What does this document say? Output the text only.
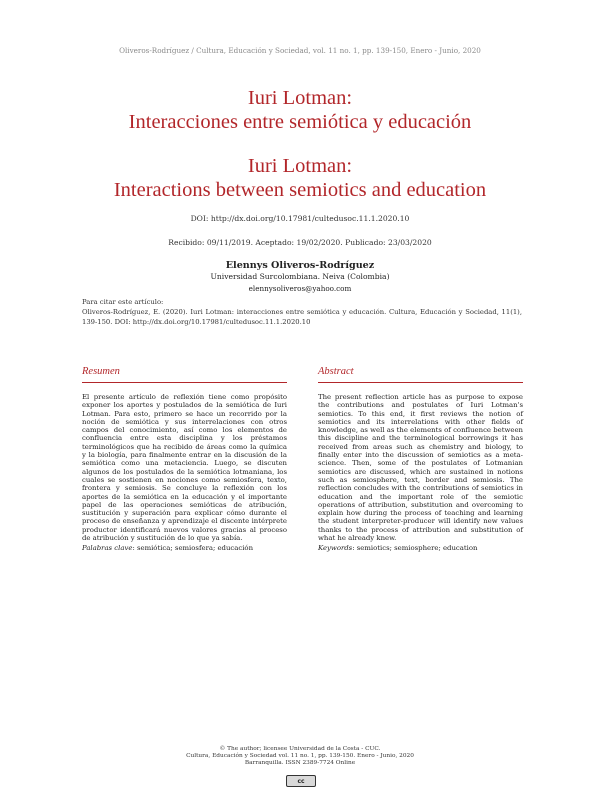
Oliveros-Rodríguez / Cultura, Educación y Sociedad, vol. 11 no. 1, pp. 139-150, Enero - Junio, 2020
Iuri Lotman:
Interacciones entre semiótica y educación
Iuri Lotman:
Interactions between semiotics and education
DOI: http://dx.doi.org/10.17981/cultedusoc.11.1.2020.10
Recibido: 09/11/2019. Aceptado: 19/02/2020. Publicado: 23/03/2020
Elennys Oliveros-Rodríguez
Universidad Surcolombiana. Neiva (Colombia)
elennysoliveros@yahoo.com
Para citar este artículo:
Oliveros-Rodríguez, E. (2020). Iuri Lotman: interacciones entre semiótica y educación. Cultura, Educación y Sociedad, 11(1), 139-150. DOI: http://dx.doi.org/10.17981/cultedusoc.11.1.2020.10
Resumen	Abstract

El presente artículo de reflexión tiene como propósito exponer los aportes y postulados de la semiótica de Iuri Lotman. Para esto, primero se hace un recorrido por la noción de semiótica y sus interrelaciones con otros campos del conocimiento, así como los elementos de confluencia entre esta disciplina y los préstamos terminológicos que ha recibido de áreas como la química y la biología, para finalmente entrar en la discusión de la semiótica como una metaciencia. Luego, se discuten algunos de los postulados de la semiótica lotmaniana, los cuales se sostienen en nociones como semiosfera, texto, frontera y semiosis. Se concluye la reflexión con los aportes de la semiótica en la educación y el importante papel de las operaciones semióticas de atribución, sustitución y superación para explicar cómo durante el proceso de enseñanza y aprendizaje el discente intérprete productor identificará nuevos valores gracias al proceso de atribución y sustitución de lo que ya sabía.

Palabras clave: semiótica; semiosfera; educación

The present reflection article has as purpose to expose the contributions and postulates of Iuri Lotman's semiotics. To this end, it first reviews the notion of semiotics and its interrelations with other fields of knowledge, as well as the elements of confluence between this discipline and the terminological borrowings it has received from areas such as chemistry and biology, to finally enter into the discussion of semiotics as a meta-science. Then, some of the postulates of Lotmanian semiotics are discussed, which are sustained in notions such as semiosphere, text, border and semiosis. The reflection concludes with the contributions of semiotics in education and the important role of the semiotic operations of attribution, substitution and overcoming to explain how during the process of teaching and learning the student interpreter-producer will identify new values thanks to the process of attribution and substitution of what he already knew.

Keywords: semiotics; semiosphere; education
© The author; licensee Universidad de la Costa - CUC.
Cultura, Educación y Sociedad vol. 11 no. 1, pp. 139-150. Enero - Junio, 2020
Barranquilla. ISSN 2389-7724 Online
cc
